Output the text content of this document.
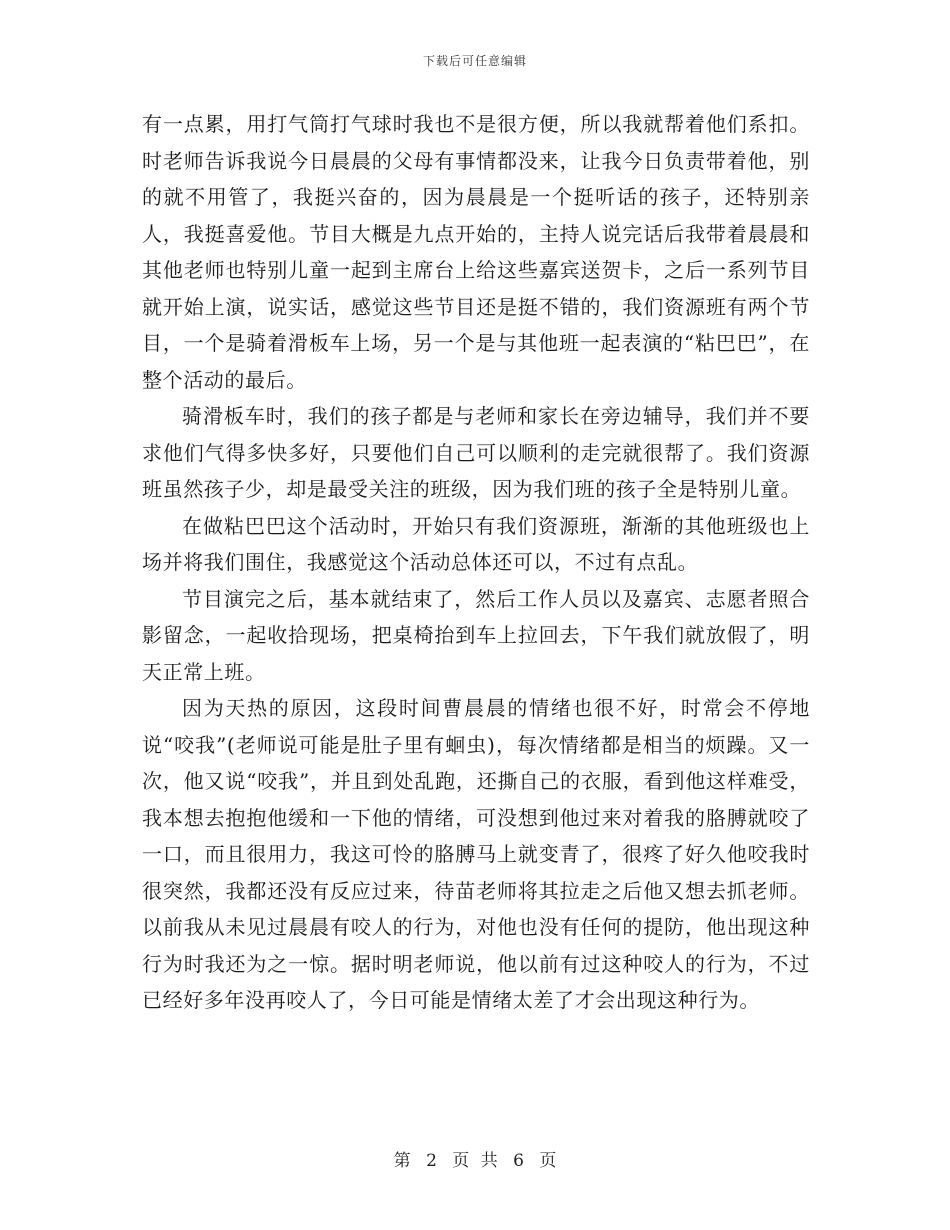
下载后可任意编辑

有一点累，用打气筒打气球时我也不是很方便，所以我就帮着他们系扣。时老师告诉我说今日晨晨的父母有事情都没来，让我今日负责带着他，别的就不用管了，我挺兴奋的，因为晨晨是一个挺听话的孩子，还特别亲人，我挺喜爱他。节目大概是九点开始的，主持人说完话后我带着晨晨和其他老师也特别儿童一起到主席台上给这些嘉宾送贺卡，之后一系列节目就开始上演，说实话，感觉这些节目还是挺不错的，我们资源班有两个节目，一个是骑着滑板车上场，另一个是与其他班一起表演的“粘巴巴”，在整个活动的最后。

骑滑板车时，我们的孩子都是与老师和家长在旁边辅导，我们并不要求他们气得多快多好，只要他们自己可以顺利的走完就很帮了。我们资源班虽然孩子少，却是最受关注的班级，因为我们班的孩子全是特别儿童。

在做粘巴巴这个活动时，开始只有我们资源班，渐渐的其他班级也上场并将我们围住，我感觉这个活动总体还可以，不过有点乱。

节目演完之后，基本就结束了，然后工作人员以及嘉宾、志愿者照合影留念，一起收拾现场，把桌椅抬到车上拉回去，下午我们就放假了，明天正常上班。

因为天热的原因，这段时间曹晨晨的情绪也很不好，时常会不停地说“咬我”(老师说可能是肚子里有蛔虫)，每次情绪都是相当的烦躁。又一次，他又说“咬我”，并且到处乱跑，还撕自己的衣服，看到他这样难受，我本想去抱抱他缓和一下他的情绪，可没想到他过来对着我的胳膊就咬了一口，而且很用力，我这可怜的胳膊马上就变青了，很疼了好久他咬我时很突然，我都还没有反应过来，待苗老师将其拉走之后他又想去抓老师。以前我从未见过晨晨有咬人的行为，对他也没有任何的提防，他出现这种行为时我还为之一惊。据时明老师说，他以前有过这种咬人的行为，不过已经好多年没再咬人了，今日可能是情绪太差了才会出现这种行为。

第 2 页 共 6 页
